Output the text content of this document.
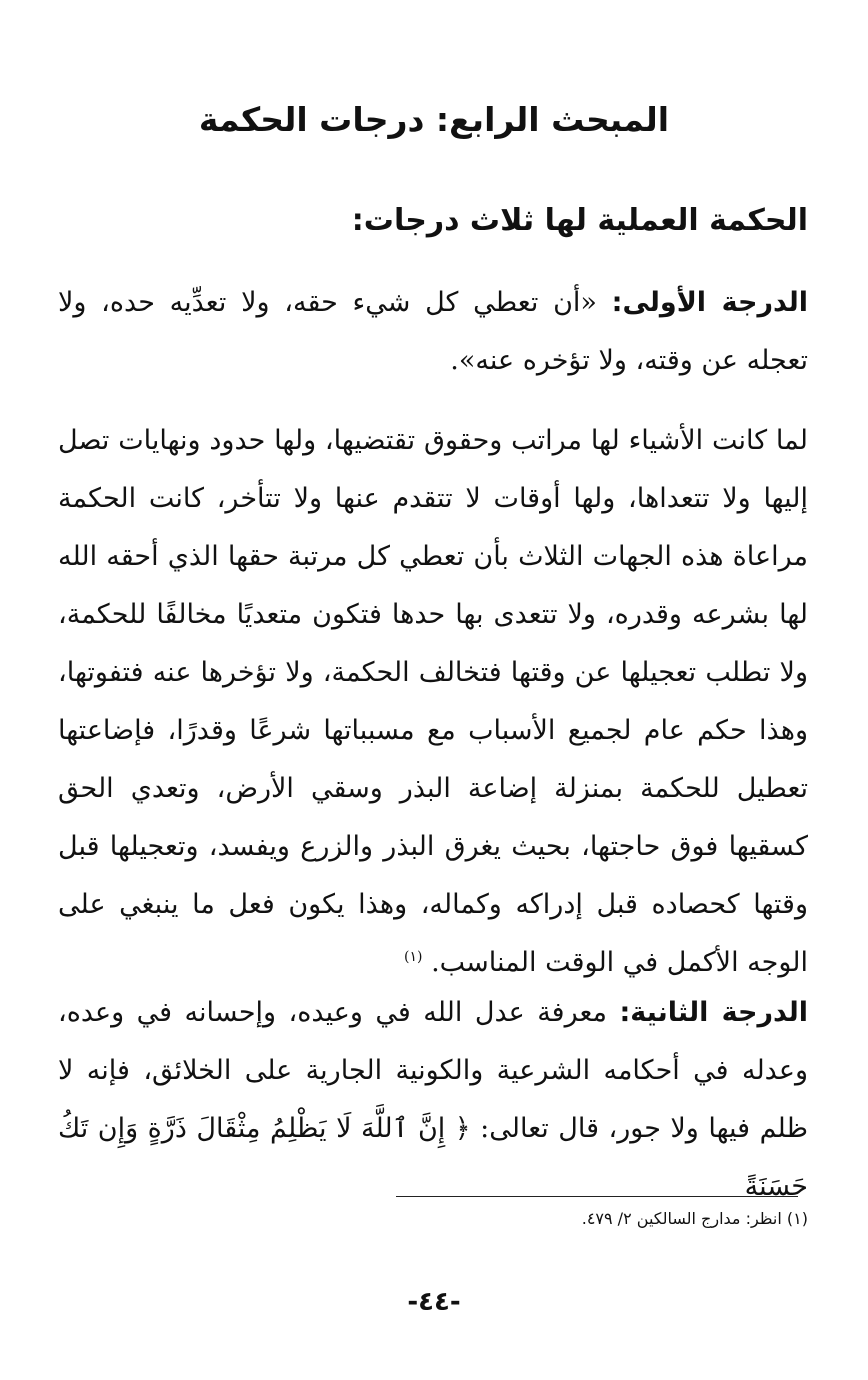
المبحث الرابع: درجات الحكمة

الحكمة العملية لها ثلاث درجات:

الدرجة الأولى: «أن تعطي كل شيء حقه، ولا تعدِّيه حده، ولا تعجله عن وقته، ولا تؤخره عنه».

لما كانت الأشياء لها مراتب وحقوق تقتضيها، ولها حدود ونهايات تصل إليها ولا تتعداها، ولها أوقات لا تتقدم عنها ولا تتأخر، كانت الحكمة مراعاة هذه الجهات الثلاث بأن تعطي كل مرتبة حقها الذي أحقه الله لها بشرعه وقدره، ولا تتعدى بها حدها فتكون متعديًا مخالفًا للحكمة، ولا تطلب تعجيلها عن وقتها فتخالف الحكمة، ولا تؤخرها عنه فتفوتها، وهذا حكم عام لجميع الأسباب مع مسبباتها شرعًا وقدرًا، فإضاعتها تعطيل للحكمة بمنزلة إضاعة البذر وسقي الأرض، وتعدي الحق كسقيها فوق حاجتها، بحيث يغرق البذر والزرع ويفسد، وتعجيلها قبل وقتها كحصاده قبل إدراكه وكماله، وهذا يكون فعل ما ينبغي على الوجه الأكمل في الوقت المناسب. $^{(١)}$

الدرجة الثانية: معرفة عدل الله في وعيده، وإحسانه في وعده، وعدله في أحكامه الشرعية والكونية الجارية على الخلائق، فإنه لا ظلم فيها ولا جور، قال تعالى: ﴿ إِنَّ ٱللَّهَ لَا يَظْلِمُ مِثْقَالَ ذَرَّةٍ وَإِن تَكُ حَسَنَةً

(١) انظر: مدارج السالكين ٢/ ٤٧٩.

-٤٤-
